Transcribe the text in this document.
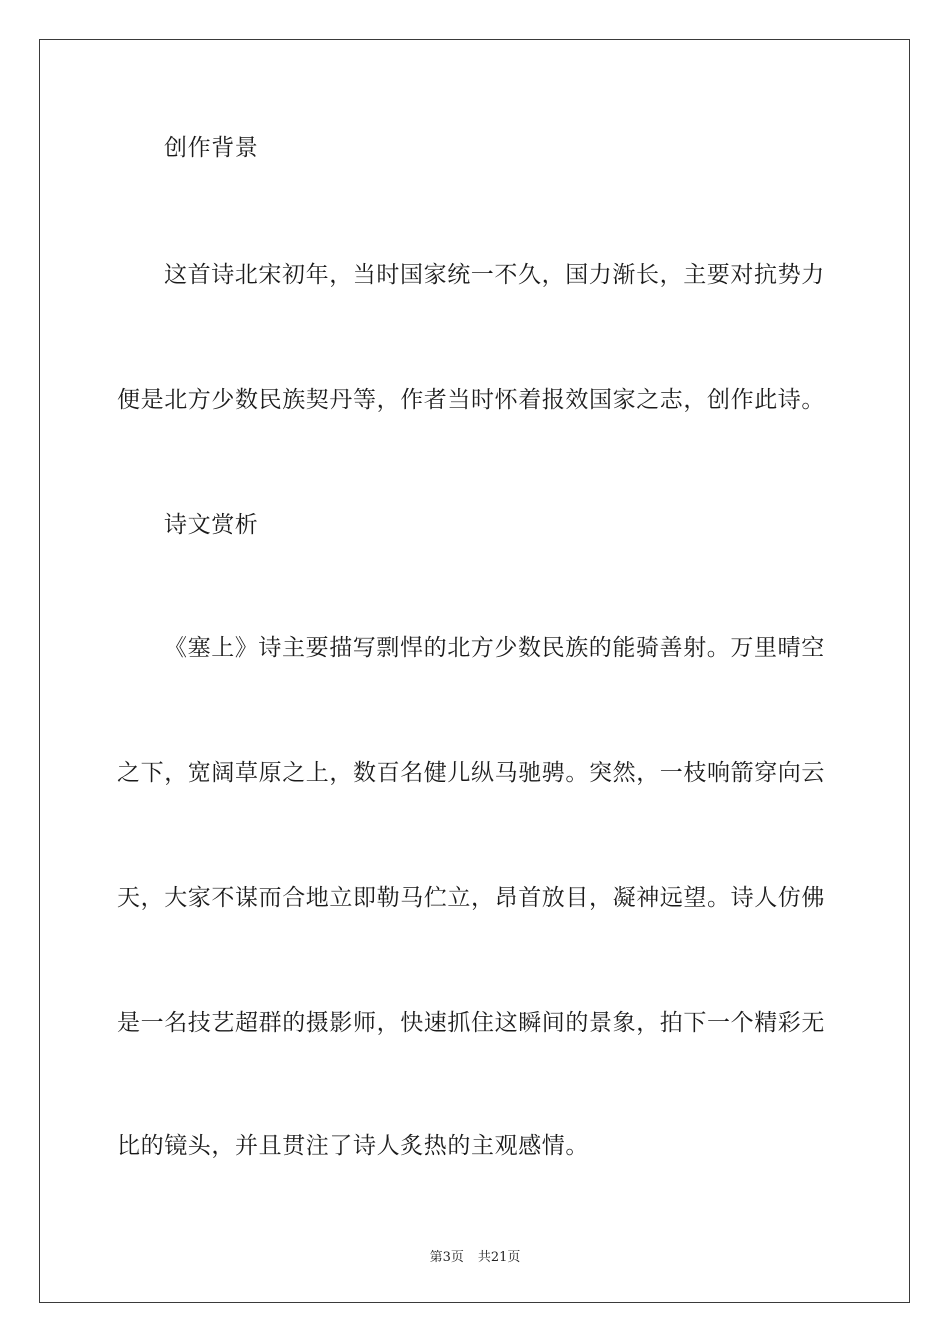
创作背景
这首诗北宋初年，当时国家统一不久，国力渐长，主要对抗势力
便是北方少数民族契丹等，作者当时怀着报效国家之志，创作此诗。
诗文赏析
《塞上》诗主要描写剽悍的北方少数民族的能骑善射。万里晴空
之下，宽阔草原之上，数百名健儿纵马驰骋。突然，一枝响箭穿向云
天，大家不谋而合地立即勒马伫立，昂首放目，凝神远望。诗人仿佛
是一名技艺超群的摄影师，快速抓住这瞬间的景象，拍下一个精彩无
比的镜头，并且贯注了诗人炙热的主观感情。
第3页 共21页
